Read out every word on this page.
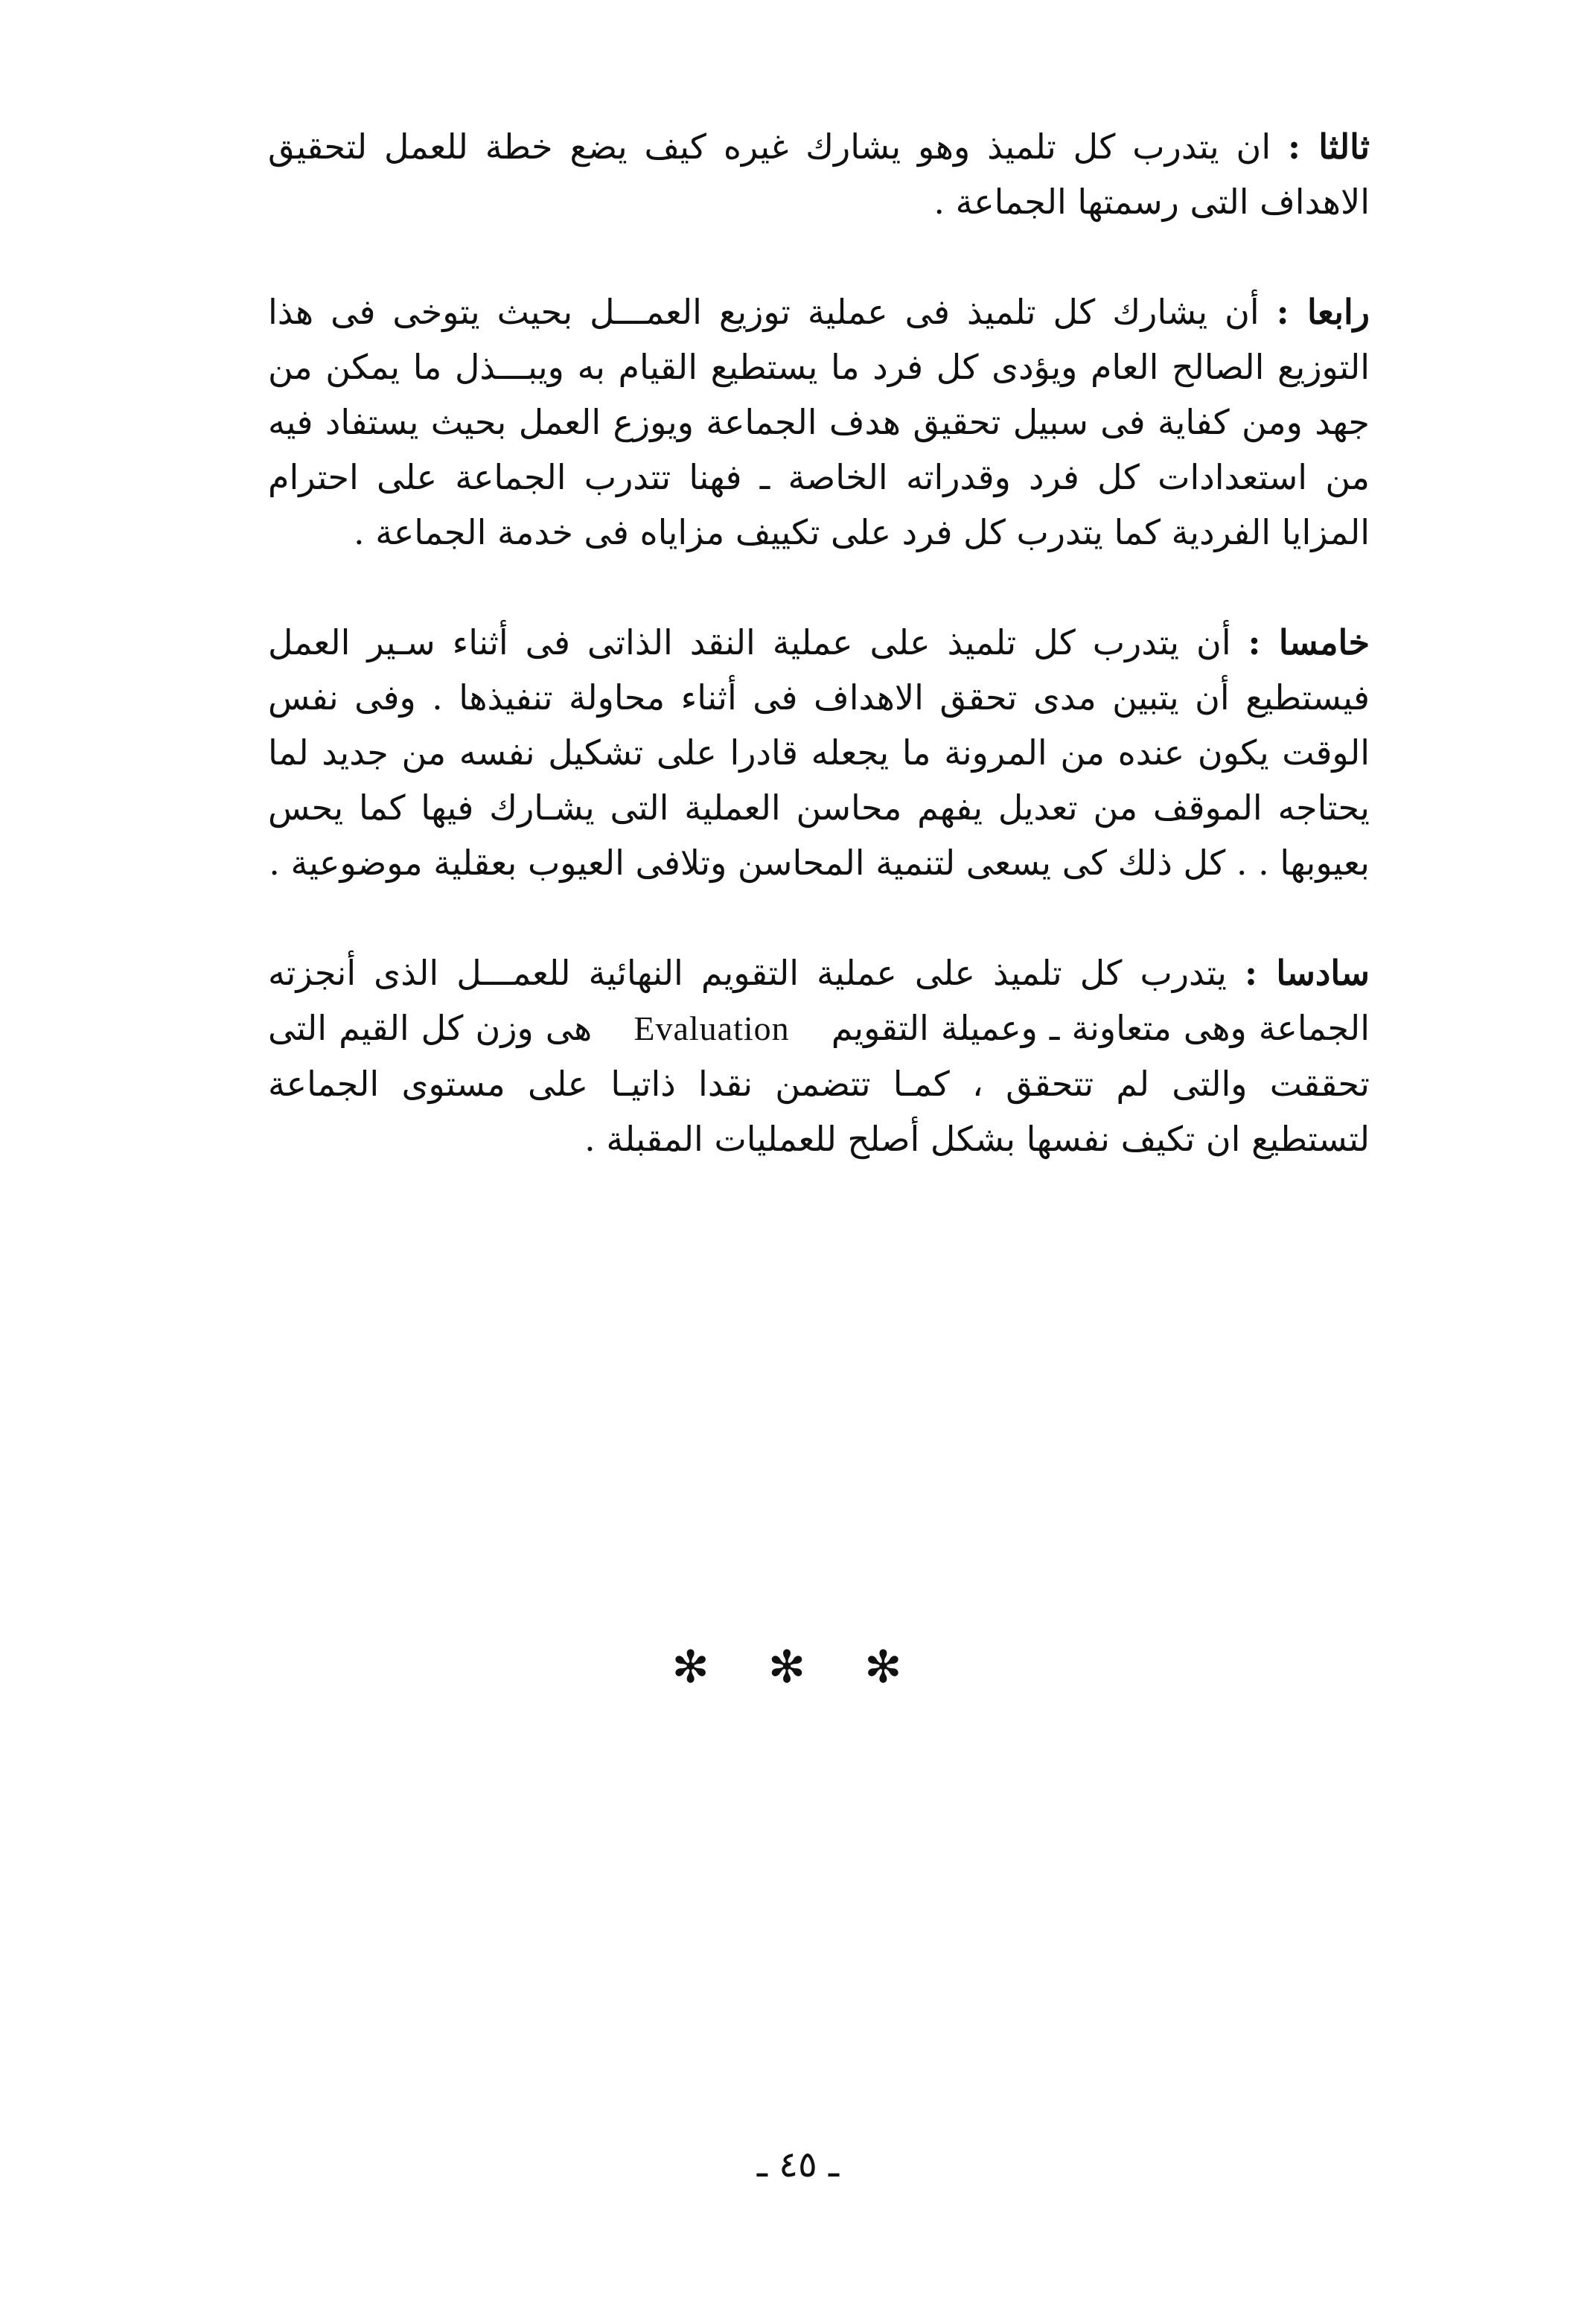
ثالثا : ان يتدرب كل تلميذ وهو يشارك غيره كيف يضع خطة للعمل لتحقيق الاهداف التى رسمتها الجماعة .

رابعا : أن يشارك كل تلميذ فى عملية توزيع العمـــل بحيث يتوخى فى هذا التوزيع الصالح العام ويؤدى كل فرد ما يستطيع القيام به ويبـــذل ما يمكن من جهد ومن كفاية فى سبيل تحقيق هدف الجماعة ويوزع العمل بحيث يستفاد فيه من استعدادات كل فرد وقدراته الخاصة ـ فهنا تتدرب الجماعة على احترام المزايا الفردية كما يتدرب كل فرد على تكييف مزاياه فى خدمة الجماعة .

خامسا : أن يتدرب كل تلميذ على عملية النقد الذاتى فى أثناء سـير العمل فيستطيع أن يتبين مدى تحقق الاهداف فى أثناء محاولة تنفيذها . وفى نفس الوقت يكون عنده من المرونة ما يجعله قادرا على تشكيل نفسه من جديد لما يحتاجه الموقف من تعديل يفهم محاسن العملية التى يشـارك فيها كما يحس بعيوبها . . كل ذلك كى يسعى لتنمية المحاسن وتلافى العيوب بعقلية موضوعية .

سادسا : يتدرب كل تلميذ على عملية التقويم النهائية للعمـــل الذى أنجزته الجماعة وهى متعاونة ـ وعميلة التقويم Evaluation هى وزن كل القيم التى تحققت والتى لم تتحقق ، كمـا تتضمن نقدا ذاتيـا على مستوى الجماعة لتستطيع ان تكيف نفسها بشكل أصلح للعمليات المقبلة .

✻ ✻ ✻
ـ ٤٥ ـ
